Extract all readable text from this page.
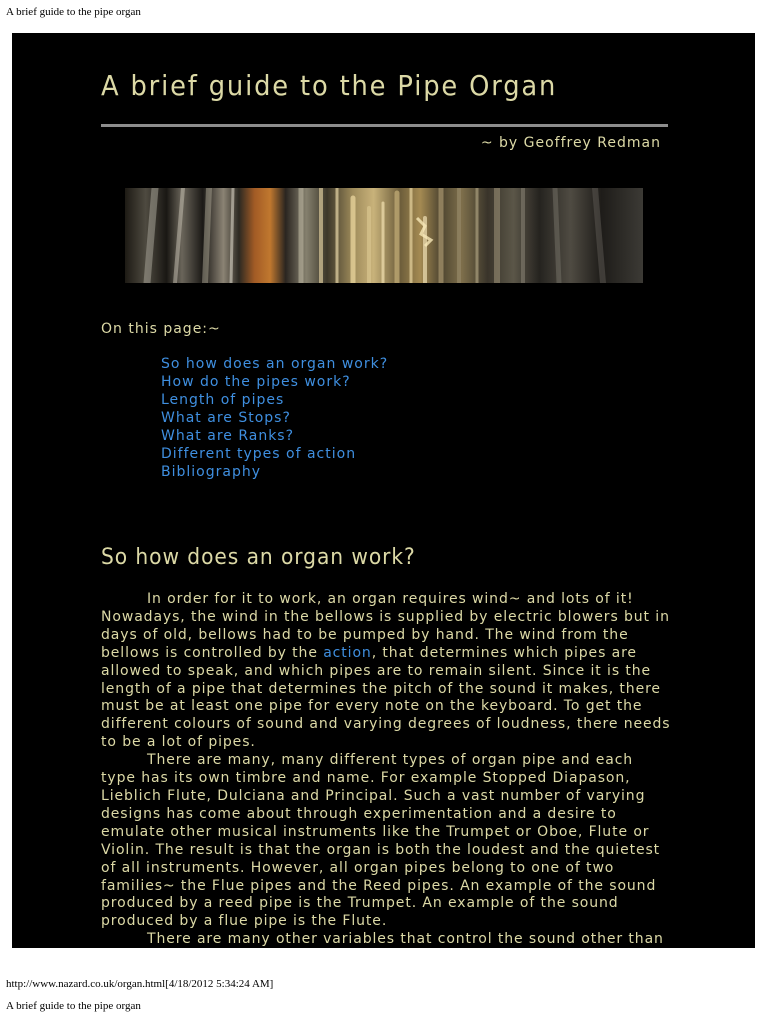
A brief guide to the pipe organ
A brief guide to the Pipe Organ
~ by Geoffrey Redman
On this page:~
So how does an organ work?
How do the pipes work?
Length of pipes
What are Stops?
What are Ranks?
Different types of action
Bibliography
So how does an organ work?

In order for it to work, an organ requires wind~ and lots of it! Nowadays, the wind in the bellows is supplied by electric blowers but in days of old, bellows had to be pumped by hand. The wind from the bellows is controlled by the action, that determines which pipes are allowed to speak, and which pipes are to remain silent. Since it is the length of a pipe that determines the pitch of the sound it makes, there must be at least one pipe for every note on the keyboard. To get the different colours of sound and varying degrees of loudness, there needs to be a lot of pipes.

There are many, many different types of organ pipe and each type has its own timbre and name. For example Stopped Diapason, Lieblich Flute, Dulciana and Principal. Such a vast number of varying designs has come about through experimentation and a desire to emulate other musical instruments like the Trumpet or Oboe, Flute or Violin. The result is that the organ is both the loudest and the quietest of all instruments. However, all organ pipes belong to one of two families~ the Flue pipes and the Reed pipes. An example of the sound produced by a reed pipe is the Trumpet. An example of the sound produced by a flue pipe is the Flute.

There are many other variables that control the sound other than

http://www.nazard.co.uk/organ.html[4/18/2012 5:34:24 AM]
A brief guide to the pipe organ
